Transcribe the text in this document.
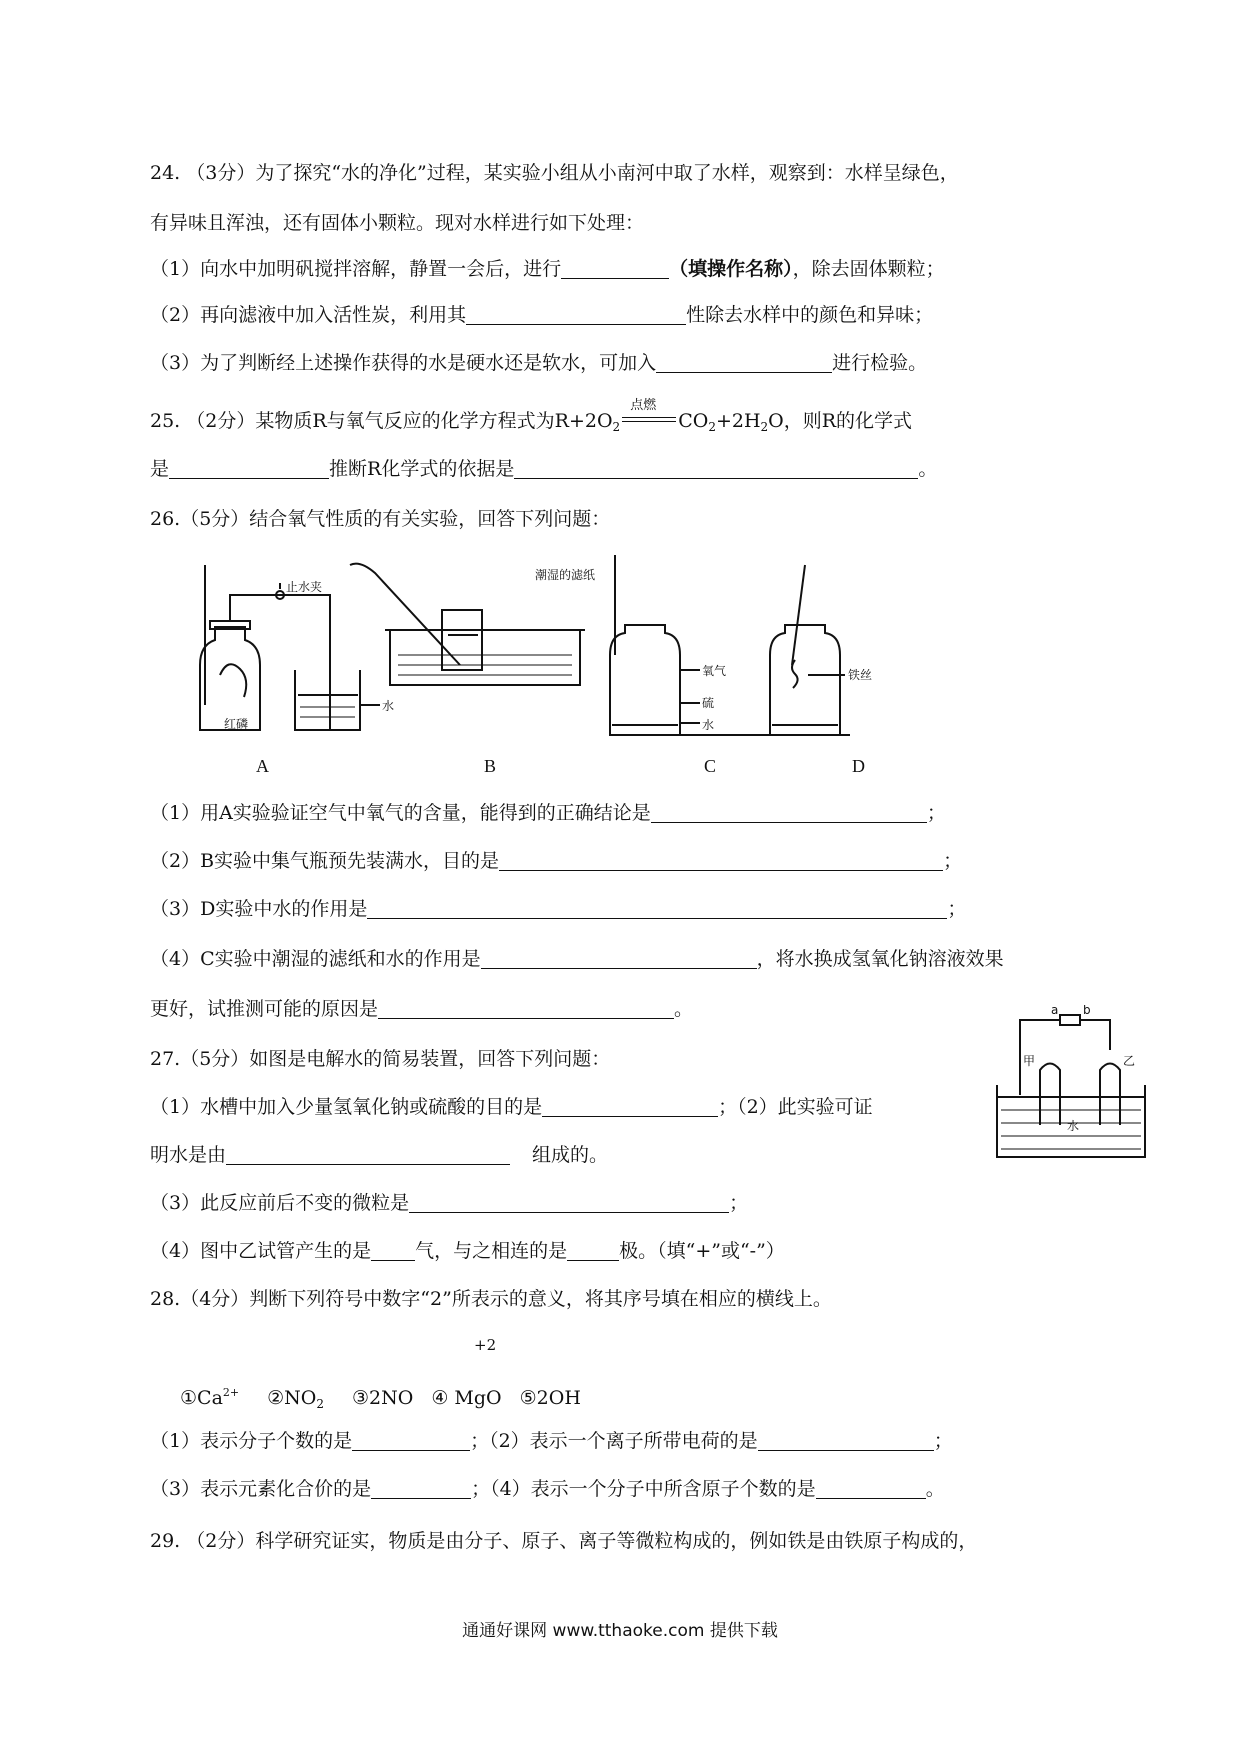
24. （3分）为了探究“水的净化”过程，某实验小组从小南河中取了水样，观察到：水样呈绿色，
有异味且浑浊，还有固体小颗粒。现对水样进行如下处理：
（1）向水中加明矾搅拌溶解，静置一会后，进行	（填操作名称），除去固体颗粒；
（2）再向滤液中加入活性炭，利用其	性除去水样中的颜色和异味；
（3）为了判断经上述操作获得的水是硬水还是软水，可加入	进行检验。
25. （2分）某物质R与氧气反应的化学方程式为$R+2O_2$
点燃
$CO_2+2H_2O$，则R的化学式
是	推断R化学式的依据是	。
26.（5分）结合氧气性质的有关实验，回答下列问题：
止水夹
红磷
水
潮湿的滤纸
氧气
硫
水
铁丝
A	B	C	D
（1）用A实验验证空气中氧气的含量，能得到的正确结论是	；
（2）B实验中集气瓶预先装满水，目的是	；
（3）D实验中水的作用是	；
（4）C实验中潮湿的滤纸和水的作用是	，将水换成氢氧化钠溶液效果
更好，试推测可能的原因是	。
27.（5分）如图是电解水的简易装置，回答下列问题：
（1）水槽中加入少量氢氧化钠或硫酸的目的是	；（2）此实验可证
明水是由	组成的。
（3）此反应前后不变的微粒是	；
（4）图中乙试管产生的是 气，与之相连的是	极。（填“+”或“-”）
a b
甲	乙
水
28.（4分）判断下列符号中数字“2”所表示的意义，将其序号填在相应的横线上。
+2
$①Ca^{2+}$ $②NO_2$ ③2NO ④ MgO ⑤2OH
（1）表示分子个数的是	；（2）表示一个离子所带电荷的是	；
（3）表示元素化合价的是	；（4）表示一个分子中所含原子个数的是	。
29. （2分）科学研究证实，物质是由分子、原子、离子等微粒构成的，例如铁是由铁原子构成的，
通通好课网 www.tthaoke.com 提供下载
